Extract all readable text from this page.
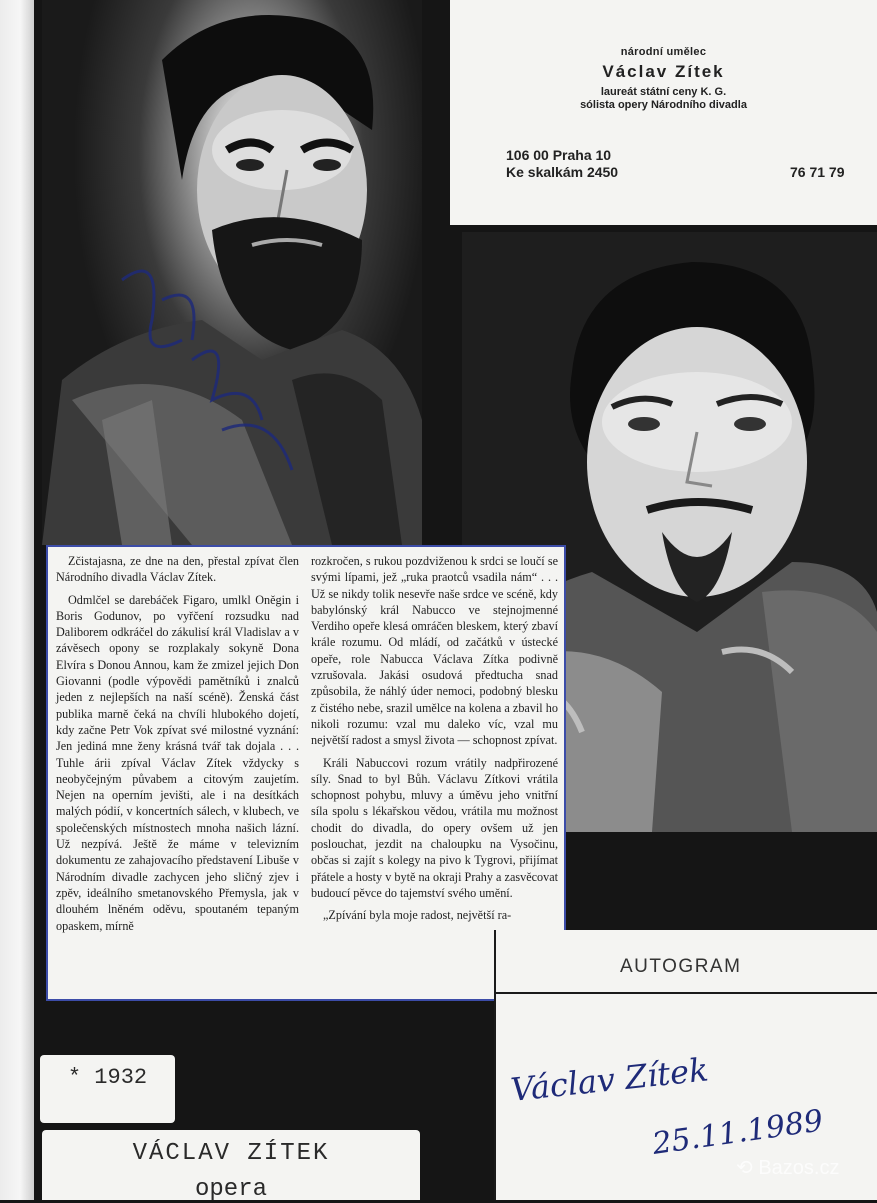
národní umělec
Václav Zítek
laureát státní ceny K. G.
sólista opery Národního divadla
106 00 Praha 10
Ke skalkám 2450	76 71 79

Zčistajasna, ze dne na den, přestal zpívat člen Národního divadla Václav Zítek.

Odmlčel se darebáček Figaro, umlkl Oněgin i Boris Godunov, po vyřčení rozsudku nad Daliborem odkráčel do zákulisí král Vladislav a v závěsech opony se rozplakaly sokyně Dona Elvíra s Donou Annou, kam že zmizel jejich Don Giovanni (podle výpovědi pamětníků i znalců jeden z nejlepších na naší scéně). Ženská část publika marně čeká na chvíli hlubokého dojetí, kdy začne Petr Vok zpívat své milostné vyznání: Jen jediná mne ženy krásná tvář tak dojala . . . Tuhle árii zpíval Václav Zítek vždycky s neobyčejným půvabem a citovým zaujetím. Nejen na operním jevišti, ale i na desítkách malých pódií, v koncertních sálech, v klubech, ve společenských místnostech mnoha našich lázní. Už nezpívá. Ještě že máme v televizním dokumentu ze zahajovacího představení Libuše v Národním divadle zachycen jeho sličný zjev i zpěv, ideálního smetanovského Přemysla, jak v dlouhém lněném oděvu, spoutaném tepaným opaskem, mírně

rozkročen, s rukou pozdviženou k srdci se loučí se svými lípami, jež „ruka praotců vsadila nám“ . . . Už se nikdy tolik nesevře naše srdce ve scéně, kdy babylónský král Nabucco ve stejnojmenné Verdiho opeře klesá omráčen bleskem, který zbaví krále rozumu. Od mládí, od začátků v ústecké opeře, role Nabucca Václava Zítka podivně vzrušovala. Jakási osudová předtucha snad způsobila, že náhlý úder nemoci, podobný blesku z čistého nebe, srazil umělce na kolena a zbavil ho nikoli rozumu: vzal mu daleko víc, vzal mu největší radost a smysl života — schopnost zpívat.

Králi Nabuccovi rozum vrátily nadpřirozené síly. Snad to byl Bůh. Václavu Zítkovi vrátila schopnost pohybu, mluvy a úměvu jeho vnitřní síla spolu s lékařskou vědou, vrátila mu možnost chodit do divadla, do opery ovšem už jen poslouchat, jezdit na chaloupku na Vysočinu, občas si zajít s kolegy na pivo k Tygrovi, přijímat přátele a hosty v bytě na okraji Prahy a zasvěcovat budoucí pěvce do tajemství svého umění.

„Zpívání byla moje radost, největší ra-

AUTOGRAM
Václav Zítek
25.11.1989
* 1932
VÁCLAV ZÍTEK
opera
⟲ Bazos.cz
